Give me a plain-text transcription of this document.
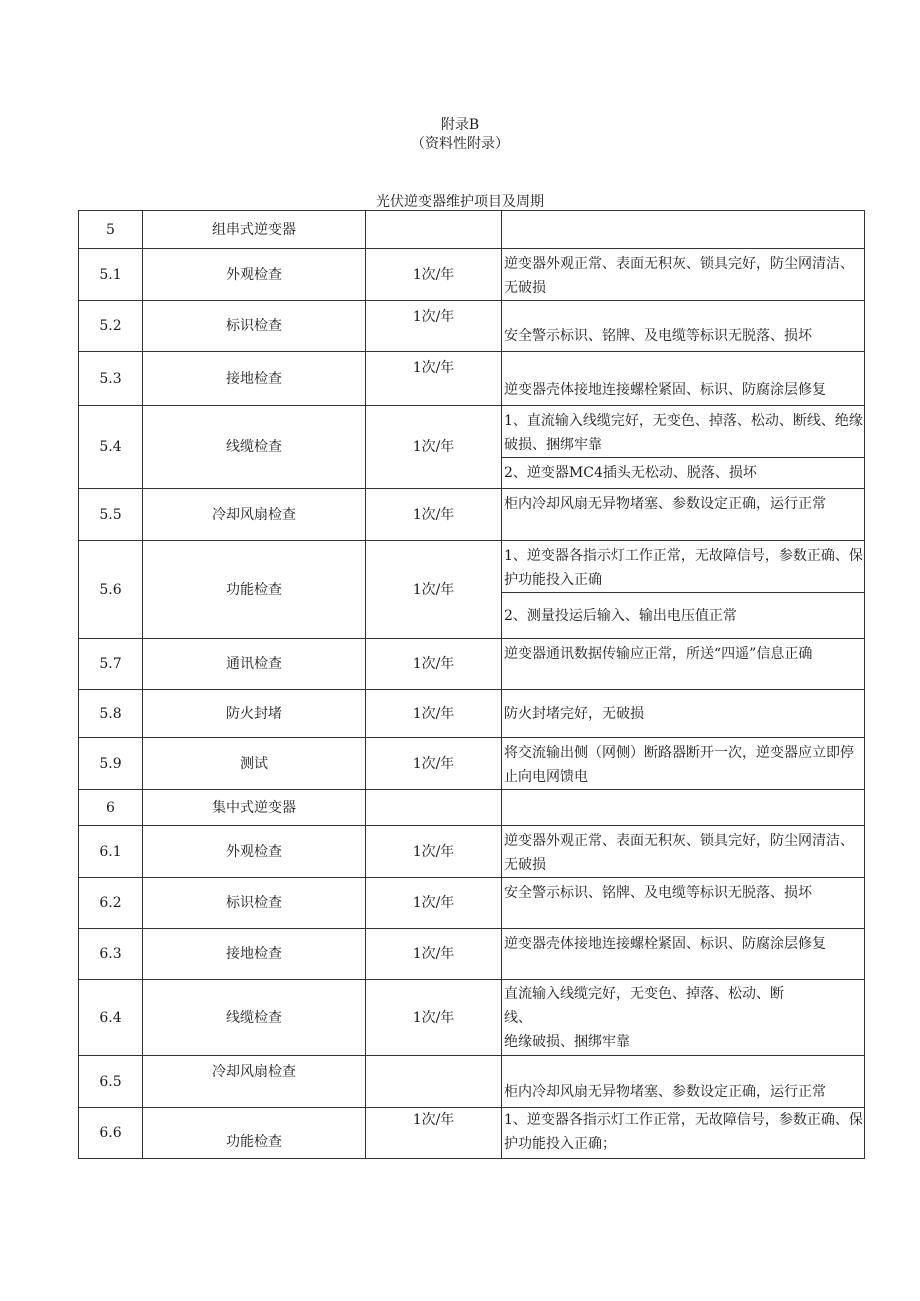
附录B
（资料性附录）
光伏逆变器维护项目及周期
5	组串式逆变器		
5.1	外观检查	1次/年	逆变器外观正常、表面无积灰、锁具完好，防尘网清洁、无破损
5.2	标识检查	1次/年	安全警示标识、铭牌、及电缆等标识无脱落、损坏
5.3	接地检查	1次/年	逆变器壳体接地连接螺栓紧固、标识、防腐涂层修复
5.4	线缆检查	1次/年	1、直流输入线缆完好，无变色、掉落、松动、断线、绝缘破损、捆绑牢靠
			2、逆变器MC4插头无松动、脱落、损坏
5.5	冷却风扇检查	1次/年	柜内冷却风扇无异物堵塞、参数设定正确，运行正常
5.6	功能检查	1次/年	1、逆变器各指示灯工作正常，无故障信号，参数正确、保护功能投入正确
			2、测量投运后输入、输出电压值正常
5.7	通讯检查	1次/年	逆变器通讯数据传输应正常，所送“四遥”信息正确
5.8	防火封堵	1次/年	防火封堵完好，无破损
5.9	测试	1次/年	将交流输出侧（网侧）断路器断开一次，逆变器应立即停止向电网馈电
6	集中式逆变器		
6.1	外观检查	1次/年	逆变器外观正常、表面无积灰、锁具完好，防尘网清洁、无破损
6.2	标识检查	1次/年	安全警示标识、铭牌、及电缆等标识无脱落、损坏
6.3	接地检查	1次/年	逆变器壳体接地连接螺栓紧固、标识、防腐涂层修复
6.4	线缆检查	1次/年	直流输入线缆完好，无变色、掉落、松动、断
线、
绝缘破损、捆绑牢靠

6.5	冷却风扇检查		柜内冷却风扇无异物堵塞、参数设定正确，运行正常
6.6	功能检查	1次/年	1、逆变器各指示灯工作正常，无故障信号，参数正确、保护功能投入正确；
